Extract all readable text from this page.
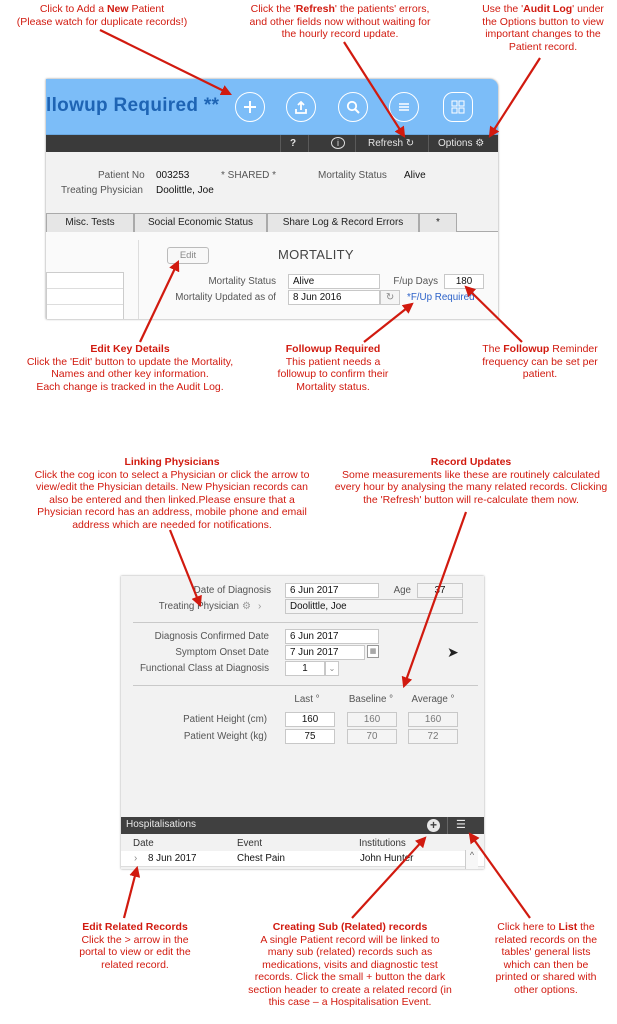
Click to Add a New Patient
(Please watch for duplicate records!)
Click the 'Refresh' the patients' errors,
and other fields now without waiting for
the hourly record update.
Use the 'Audit Log' under
the Options button to view
important changes to the
Patient record.
llowup Required **
?	i	Refresh ↻ Options ⚙
Patient No 003253	* SHARED *	Mortality Status Alive
Treating Physician Doolittle, Joe
Misc. Tests	Social Economic Status	Share Log & Record Errors	*
Edit	MORTALITY
Mortality Status	Alive	F/up Days	180
Mortality Updated as of	8 Jun 2016	↻	*F/Up Required
Edit Key Details
Click the 'Edit' button to update the Mortality,
Names and other key information.
Each change is tracked in the Audit Log.
Followup Required
This patient needs a
followup to confirm their
Mortality status.
The Followup Reminder
frequency can be set per
patient.
Linking Physicians
Click the cog icon to select a Physician or click the arrow to
view/edit the Physician details. New Physician records can
also be entered and then linked.Please ensure that a
Physician record has an address, mobile phone and email
address which are needed for notifications.
Record Updates
Some measurements like these are routinely calculated
every hour by analysing the many related records. Clicking
the 'Refresh' button will re-calculate them now.
Date of Diagnosis	6 Jun 2017	Age	37
Treating Physician ⚙ ›	Doolittle, Joe
Diagnosis Confirmed Date	6 Jun 2017
Symptom Onset Date	7 Jun 2017	▦
Functional Class at Diagnosis	1	⌄
Last °	Baseline °	Average °
Patient Height (cm)	160	160	160
Patient Weight (kg)	75	70	72
➤
Hospitalisations	+ ☰
Date	Event	Institutions
› 8 Jun 2017	Chest Pain	John Hunter	^
Edit Related Records
Click the > arrow in the
portal to view or edit the
related record.
Creating Sub (Related) records
A single Patient record will be linked to
many sub (related) records such as
medications, visits and diagnostic test
records. Click the small + button the dark
section header to create a related record (in
this case – a Hospitalisation Event.
Click here to List the
related records on the
tables' general lists
which can then be
printed or shared with
other options.
